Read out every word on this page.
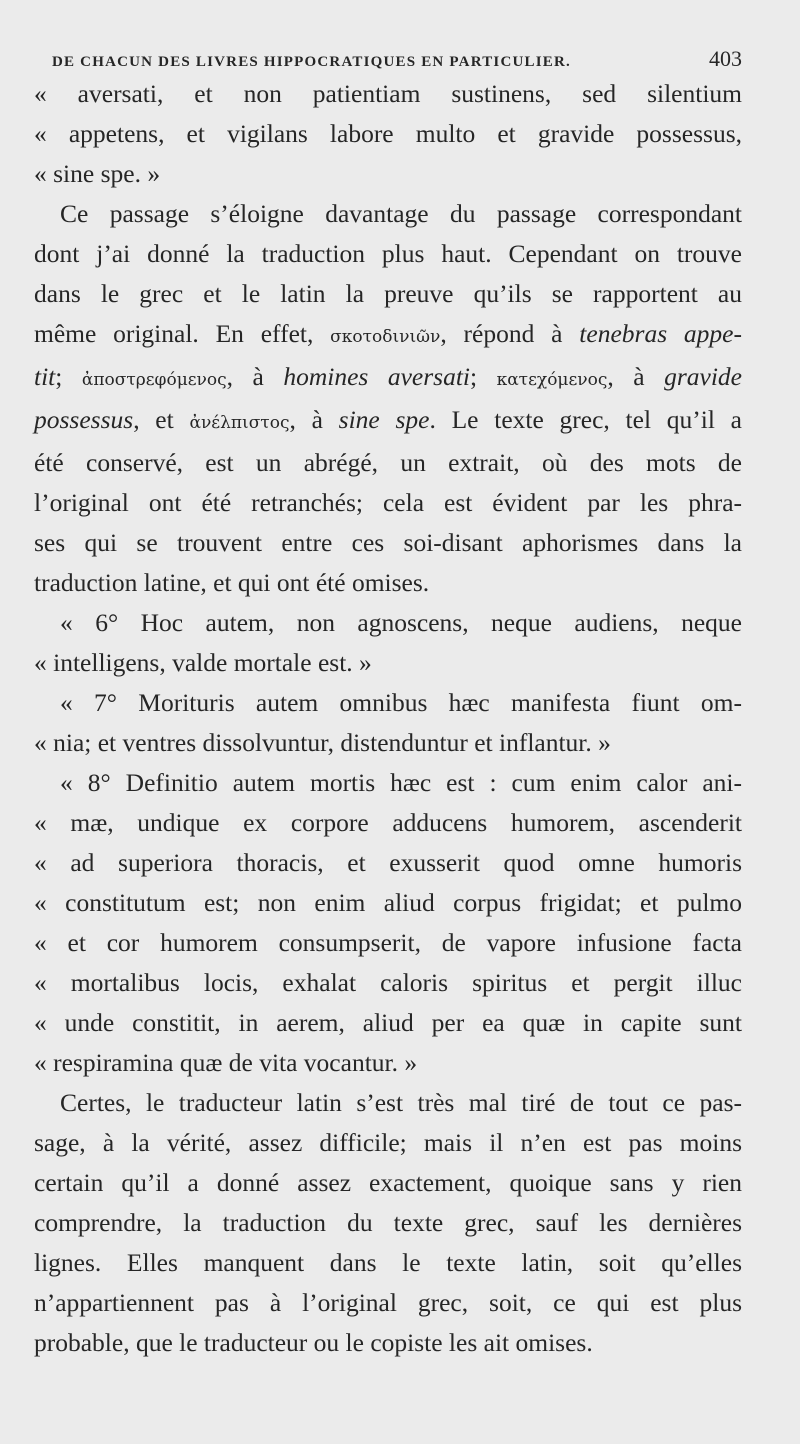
DE CHACUN DES LIVRES HIPPOCRATIQUES EN PARTICULIER.	403
« aversati, et non patientiam sustinens, sed silentium
« appetens, et vigilans labore multo et gravide possessus,
« sine spe. »
Ce passage s’éloigne davantage du passage correspondant
dont j’ai donné la traduction plus haut. Cependant on trouve
dans le grec et le latin la preuve qu’ils se rapportent au
même original. En effet, σκοτοδινιῶν, répond à tenebras appe-
tit; ἀποστρεφόμενος, à homines aversati; κατεχόμενος, à gravide
possessus, et ἀνέλπιστος, à sine spe. Le texte grec, tel qu’il a
été conservé, est un abrégé, un extrait, où des mots de
l’original ont été retranchés; cela est évident par les phra-
ses qui se trouvent entre ces soi-disant aphorismes dans la
traduction latine, et qui ont été omises.
« 6° Hoc autem, non agnoscens, neque audiens, neque
« intelligens, valde mortale est. »
« 7° Morituris autem omnibus hæc manifesta fiunt om-
« nia; et ventres dissolvuntur, distenduntur et inflantur. »
« 8° Definitio autem mortis hæc est : cum enim calor ani-
« mæ, undique ex corpore adducens humorem, ascenderit
« ad superiora thoracis, et exusserit quod omne humoris
« constitutum est; non enim aliud corpus frigidat; et pulmo
« et cor humorem consumpserit, de vapore infusione facta
« mortalibus locis, exhalat caloris spiritus et pergit illuc
« unde constitit, in aerem, aliud per ea quæ in capite sunt
« respiramina quæ de vita vocantur. »
Certes, le traducteur latin s’est très mal tiré de tout ce pas-
sage, à la vérité, assez difficile; mais il n’en est pas moins
certain qu’il a donné assez exactement, quoique sans y rien
comprendre, la traduction du texte grec, sauf les dernières
lignes. Elles manquent dans le texte latin, soit qu’elles
n’appartiennent pas à l’original grec, soit, ce qui est plus
probable, que le traducteur ou le copiste les ait omises.
